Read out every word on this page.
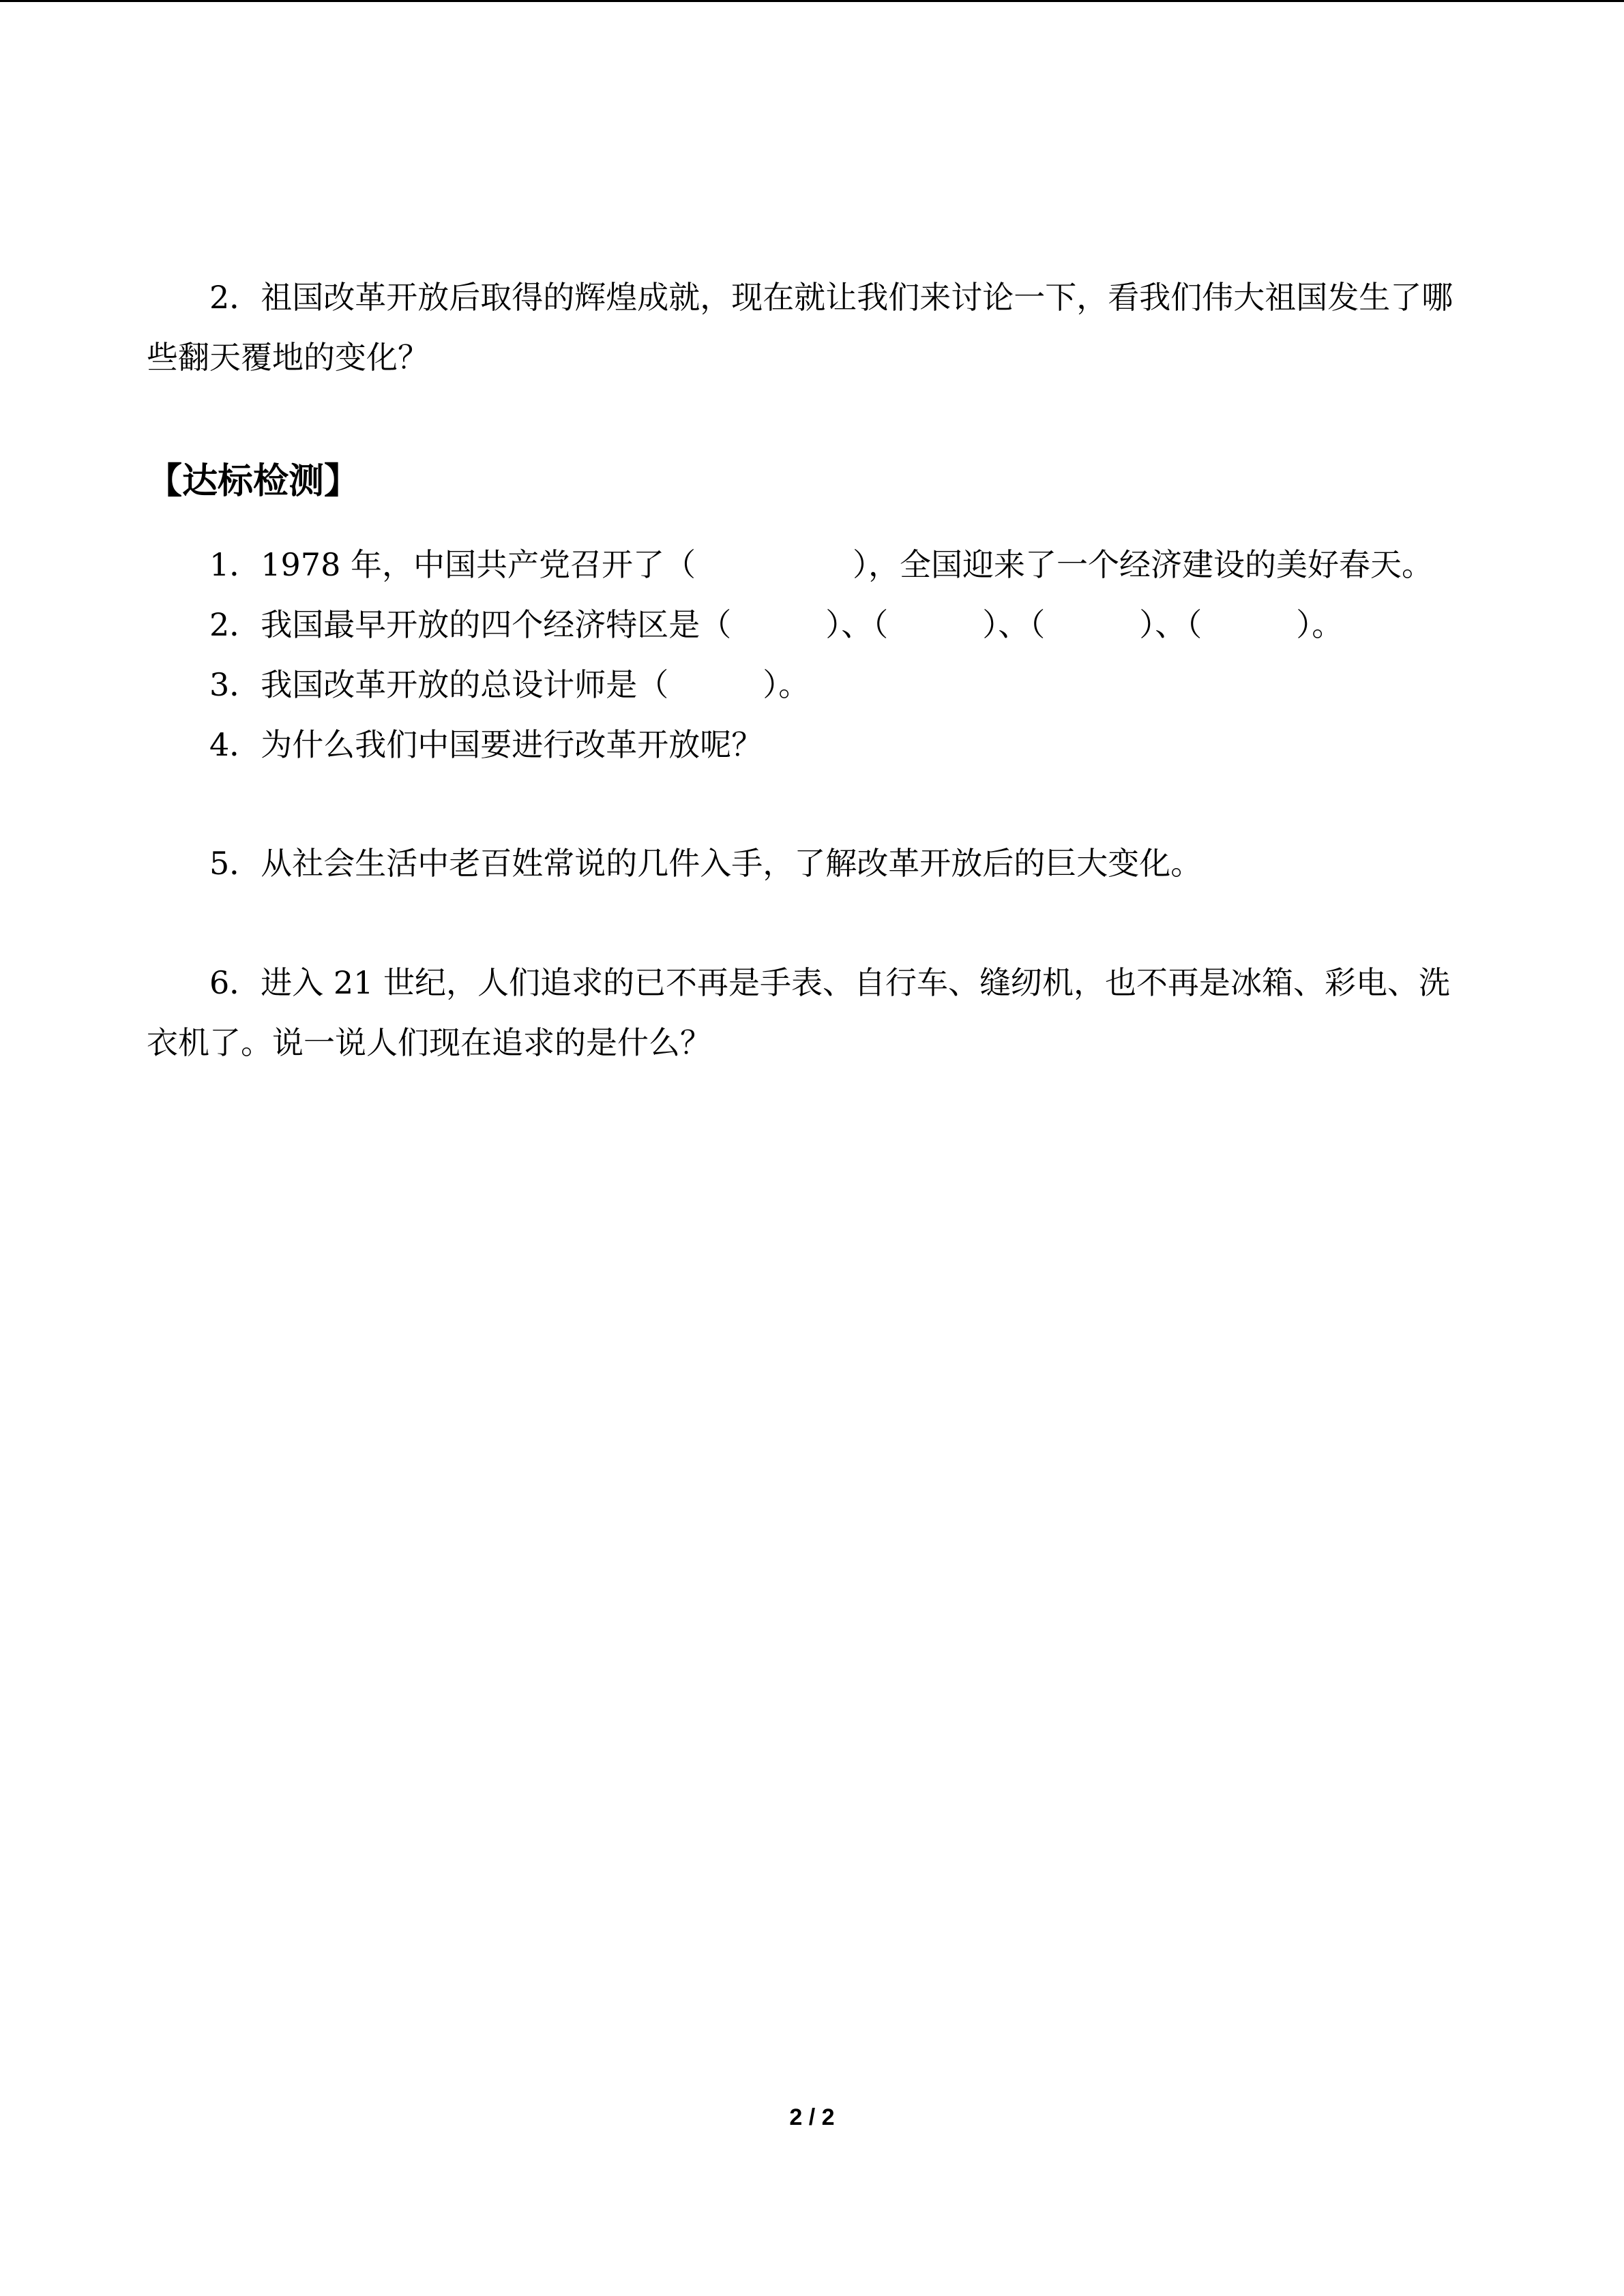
2．祖国改革开放后取得的辉煌成就，现在就让我们来讨论一下，看我们伟大祖国发生了哪些翻天覆地的变化？

【达标检测】

1．1978 年，中国共产党召开了（　　　　　），全国迎来了一个经济建设的美好春天。

2．我国最早开放的四个经济特区是（　　　）、（　　　）、（　　　）、（　　　）。

3．我国改革开放的总设计师是（　　　）。

4．为什么我们中国要进行改革开放呢？

5．从社会生活中老百姓常说的几件入手，了解改革开放后的巨大变化。

6．进入 21 世纪，人们追求的已不再是手表、自行车、缝纫机，也不再是冰箱、彩电、洗衣机了。说一说人们现在追求的是什么？

2 / 2
